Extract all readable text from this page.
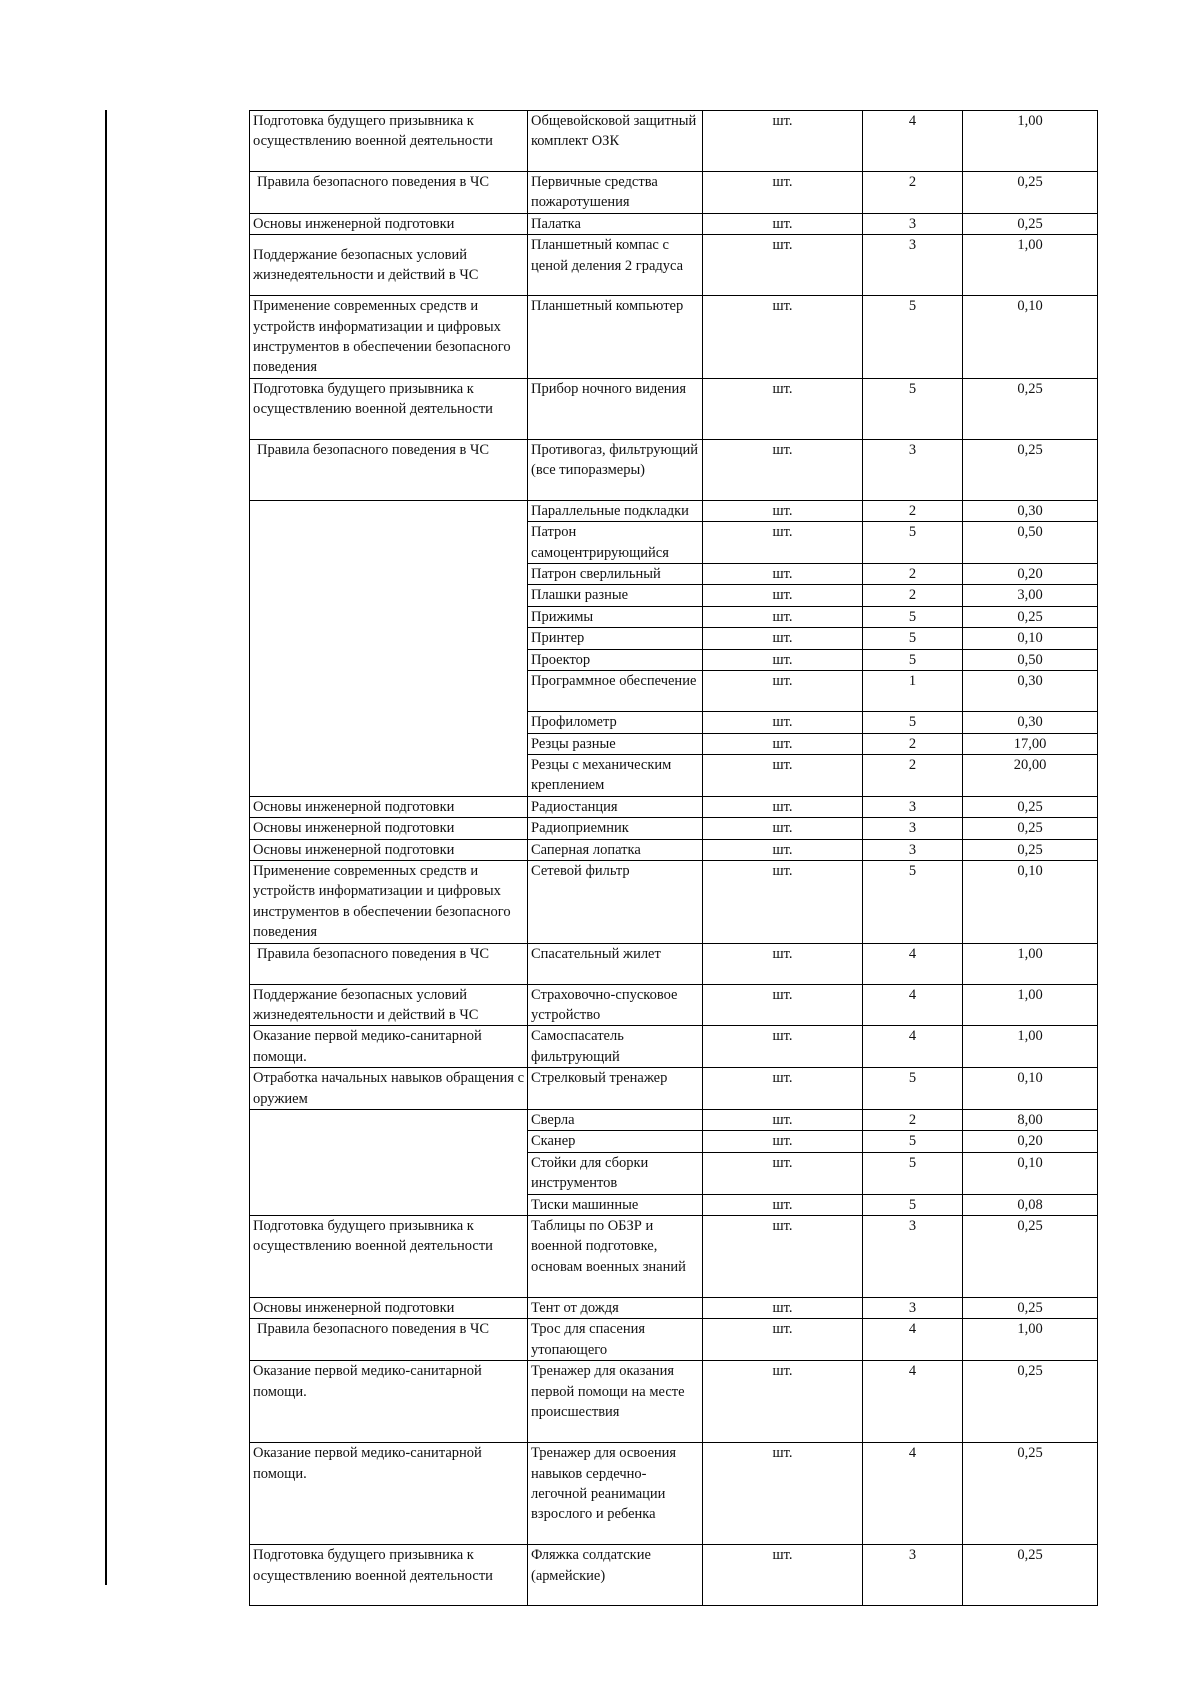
Подготовка будущего призывника к осуществлению военной деятельности	Общевойсковой защитный комплект ОЗК	шт.	4	1,00
Правила безопасного поведения в ЧС	Первичные средства пожаротушения	шт.	2	0,25
Основы инженерной подготовки	Палатка	шт.	3	0,25
Поддержание безопасных условий жизнедеятельности и действий в ЧС	Планшетный компас с ценой деления 2 градуса	шт.	3	1,00
Применение современных средств и устройств информатизации и цифровых инструментов в обеспечении безопасного поведения	Планшетный компьютер	шт.	5	0,10
Подготовка будущего призывника к осуществлению военной деятельности	Прибор ночного видения	шт.	5	0,25
Правила безопасного поведения в ЧС	Противогаз, фильтрующий (все типоразмеры)	шт.	3	0,25
	Параллельные подкладки	шт.	2	0,30
	Патрон самоцентрирующийся	шт.	5	0,50
	Патрон сверлильный	шт.	2	0,20
	Плашки разные	шт.	2	3,00
	Прижимы	шт.	5	0,25
	Принтер	шт.	5	0,10
	Проектор	шт.	5	0,50
	Программное обеспечение	шт.	1	0,30
	Профилометр	шт.	5	0,30
	Резцы разные	шт.	2	17,00
	Резцы с механическим креплением	шт.	2	20,00
Основы инженерной подготовки	Радиостанция	шт.	3	0,25
Основы инженерной подготовки	Радиоприемник	шт.	3	0,25
Основы инженерной подготовки	Саперная лопатка	шт.	3	0,25
Применение современных средств и устройств информатизации и цифровых инструментов в обеспечении безопасного поведения	Сетевой фильтр	шт.	5	0,10
Правила безопасного поведения в ЧС	Спасательный жилет	шт.	4	1,00
Поддержание безопасных условий жизнедеятельности и действий в ЧС	Страховочно-спусковое устройство	шт.	4	1,00
Оказание первой медико-санитарной помощи.	Самоспасатель фильтрующий	шт.	4	1,00
Отработка начальных навыков обращения с оружием	Стрелковый тренажер	шт.	5	0,10
	Сверла	шт.	2	8,00
	Сканер	шт.	5	0,20
	Стойки для сборки инструментов	шт.	5	0,10
	Тиски машинные	шт.	5	0,08
Подготовка будущего призывника к осуществлению военной деятельности	Таблицы по ОБЗР и военной подготовке, основам военных знаний	шт.	3	0,25
Основы инженерной подготовки	Тент от дождя	шт.	3	0,25
Правила безопасного поведения в ЧС	Трос для спасения утопающего	шт.	4	1,00
Оказание первой медико-санитарной помощи.	Тренажер для оказания первой помощи на месте происшествия	шт.	4	0,25
Оказание первой медико-санитарной помощи.	Тренажер для освоения навыков сердечно-легочной реанимации взрослого и ребенка	шт.	4	0,25
Подготовка будущего призывника к осуществлению военной деятельности	Фляжка солдатские (армейские)	шт.	3	0,25
